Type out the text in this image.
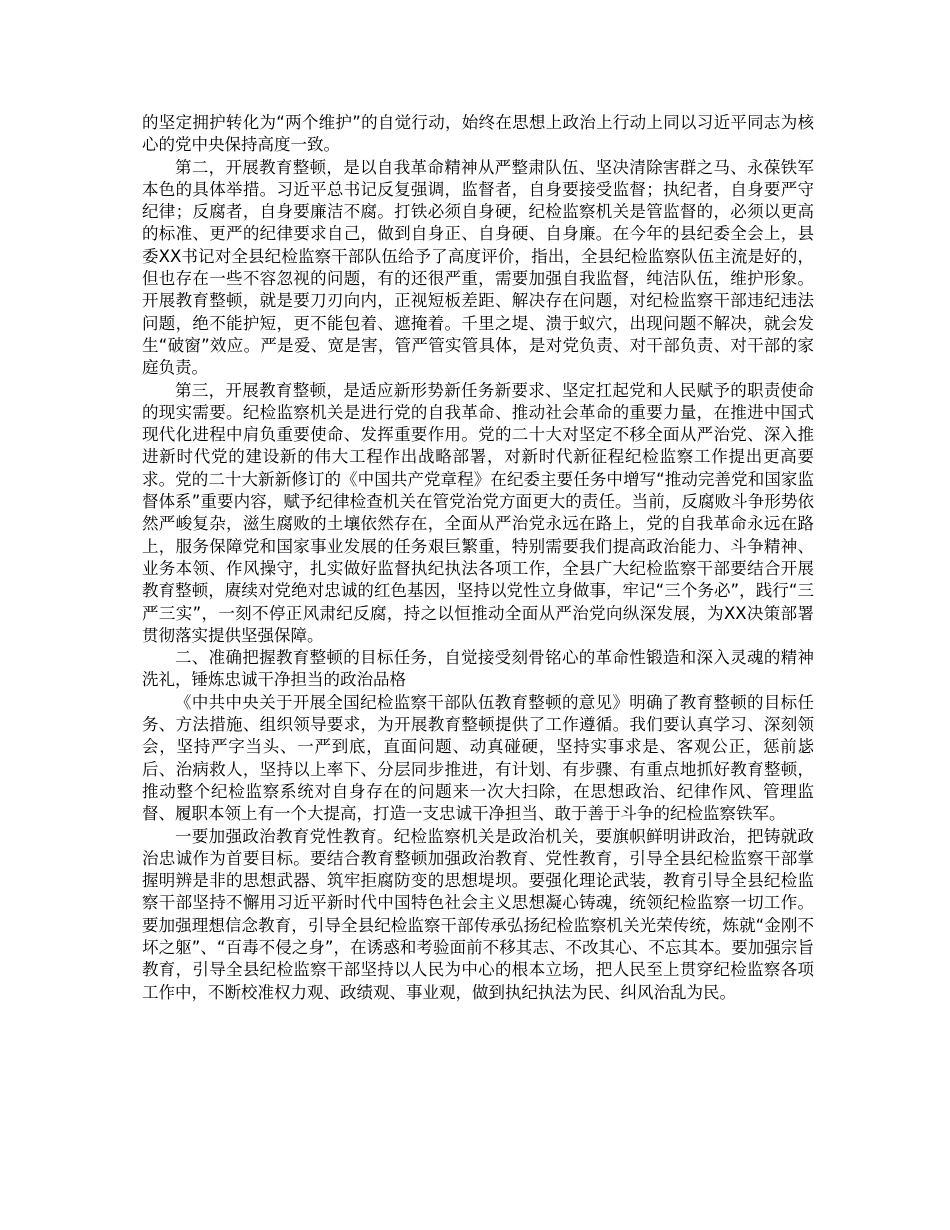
的坚定拥护转化为“两个维护”的自觉行动，始终在思想上政治上行动上同以习近平同志为核心的党中央保持高度一致。

第二，开展教育整顿，是以自我革命精神从严整肃队伍、坚决清除害群之马、永葆铁军本色的具体举措。习近平总书记反复强调，监督者，自身要接受监督；执纪者，自身要严守纪律；反腐者，自身要廉洁不腐。打铁必须自身硬，纪检监察机关是管监督的，必须以更高的标准、更严的纪律要求自己，做到自身正、自身硬、自身廉。在今年的县纪委全会上，县委XX书记对全县纪检监察干部队伍给予了高度评价，指出，全县纪检监察队伍主流是好的，但也存在一些不容忽视的问题，有的还很严重，需要加强自我监督，纯洁队伍，维护形象。开展教育整顿，就是要刀刃向内，正视短板差距、解决存在问题，对纪检监察干部违纪违法问题，绝不能护短，更不能包着、遮掩着。千里之堤、溃于蚁穴，出现问题不解决，就会发生“破窗”效应。严是爱、宽是害，管严管实管具体，是对党负责、对干部负责、对干部的家庭负责。

第三，开展教育整顿，是适应新形势新任务新要求、坚定扛起党和人民赋予的职责使命的现实需要。纪检监察机关是进行党的自我革命、推动社会革命的重要力量，在推进中国式现代化进程中肩负重要使命、发挥重要作用。党的二十大对坚定不移全面从严治党、深入推进新时代党的建设新的伟大工程作出战略部署，对新时代新征程纪检监察工作提出更高要求。党的二十大新新修订的《中国共产党章程》在纪委主要任务中增写“推动完善党和国家监督体系”重要内容，赋予纪律检查机关在管党治党方面更大的责任。当前，反腐败斗争形势依然严峻复杂，滋生腐败的土壤依然存在，全面从严治党永远在路上，党的自我革命永远在路上，服务保障党和国家事业发展的任务艰巨繁重，特别需要我们提高政治能力、斗争精神、业务本领、作风操守，扎实做好监督执纪执法各项工作，全县广大纪检监察干部要结合开展教育整顿，赓续对党绝对忠诚的红色基因，坚持以党性立身做事，牢记“三个务必”，践行“三严三实”，一刻不停正风肃纪反腐，持之以恒推动全面从严治党向纵深发展，为XX决策部署贯彻落实提供坚强保障。

二、准确把握教育整顿的目标任务，自觉接受刻骨铭心的革命性锻造和深入灵魂的精神洗礼，锤炼忠诚干净担当的政治品格

《中共中央关于开展全国纪检监察干部队伍教育整顿的意见》明确了教育整顿的目标任务、方法措施、组织领导要求，为开展教育整顿提供了工作遵循。我们要认真学习、深刻领会，坚持严字当头、一严到底，直面问题、动真碰硬，坚持实事求是、客观公正，惩前毖后、治病救人，坚持以上率下、分层同步推进，有计划、有步骤、有重点地抓好教育整顿，推动整个纪检监察系统对自身存在的问题来一次大扫除，在思想政治、纪律作风、管理监督、履职本领上有一个大提高，打造一支忠诚干净担当、敢于善于斗争的纪检监察铁军。

一要加强政治教育党性教育。纪检监察机关是政治机关，要旗帜鲜明讲政治，把铸就政治忠诚作为首要目标。要结合教育整顿加强政治教育、党性教育，引导全县纪检监察干部掌握明辨是非的思想武器、筑牢拒腐防变的思想堤坝。要强化理论武装，教育引导全县纪检监察干部坚持不懈用习近平新时代中国特色社会主义思想凝心铸魂，统领纪检监察一切工作。要加强理想信念教育，引导全县纪检监察干部传承弘扬纪检监察机关光荣传统，炼就“金刚不坏之躯”、“百毒不侵之身”，在诱惑和考验面前不移其志、不改其心、不忘其本。要加强宗旨教育，引导全县纪检监察干部坚持以人民为中心的根本立场，把人民至上贯穿纪检监察各项工作中，不断校准权力观、政绩观、事业观，做到执纪执法为民、纠风治乱为民。
